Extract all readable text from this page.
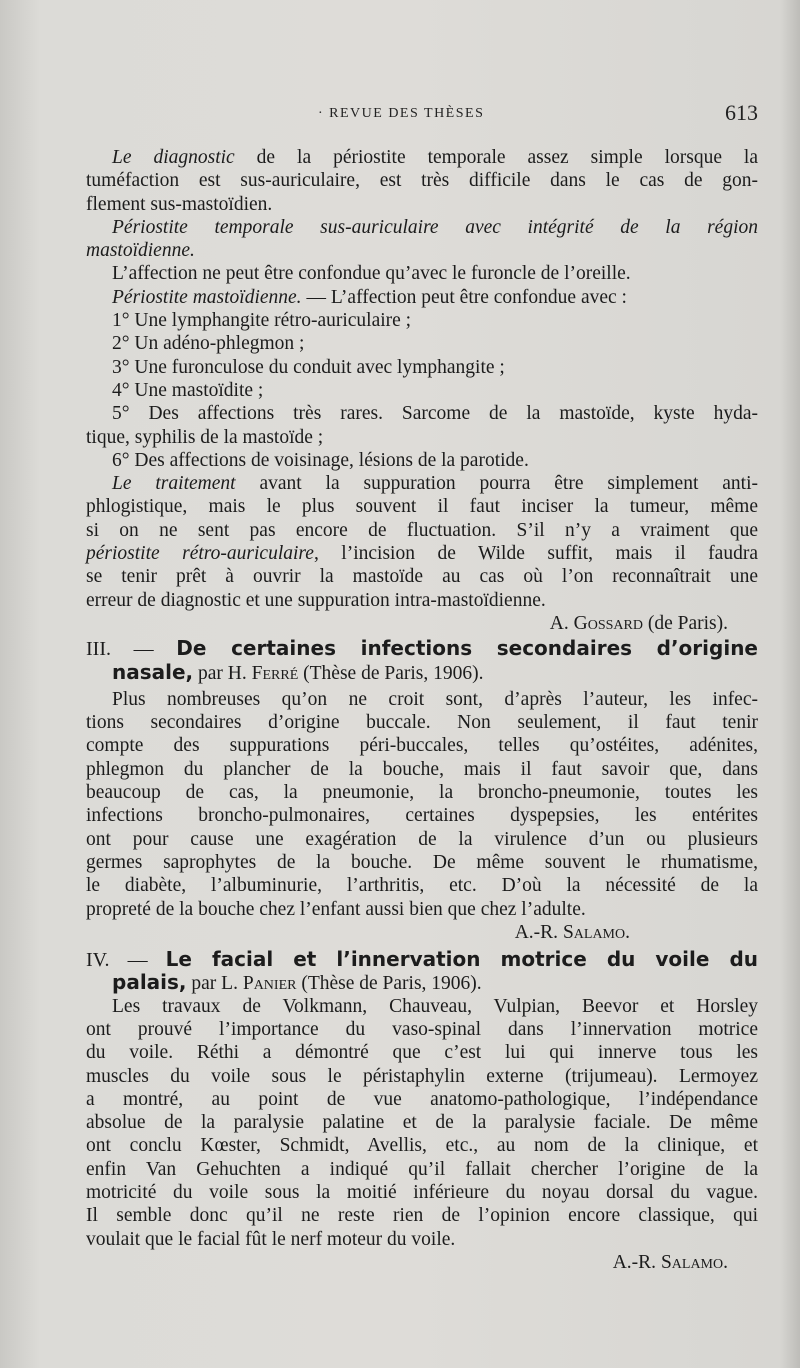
· REVUE DES THÈSES	613
Le diagnostic de la périostite temporale assez simple lorsque la
tuméfaction est sus-auriculaire, est très difficile dans le cas de gon-
flement sus-mastoïdien.
Périostite temporale sus-auriculaire avec intégrité de la région
mastoïdienne.
L’affection ne peut être confondue qu’avec le furoncle de l’oreille.
Périostite mastoïdienne. — L’affection peut être confondue avec :
1° Une lymphangite rétro-auriculaire ;
2° Un adéno-phlegmon ;
3° Une furonculose du conduit avec lymphangite ;
4° Une mastoïdite ;
5° Des affections très rares. Sarcome de la mastoïde, kyste hyda-
tique, syphilis de la mastoïde ;
6° Des affections de voisinage, lésions de la parotide.
Le traitement avant la suppuration pourra être simplement anti-
phlogistique, mais le plus souvent il faut inciser la tumeur, même
si on ne sent pas encore de fluctuation. S’il n’y a vraiment que
périostite rétro-auriculaire, l’incision de Wilde suffit, mais il faudra
se tenir prêt à ouvrir la mastoïde au cas où l’on reconnaîtrait une
erreur de diagnostic et une suppuration intra-mastoïdienne.
A. Gossard (de Paris).
III. — De certaines infections secondaires d’origine
nasale, par H. Ferré (Thèse de Paris, 1906).
Plus nombreuses qu’on ne croit sont, d’après l’auteur, les infec-
tions secondaires d’origine buccale. Non seulement, il faut tenir
compte des suppurations péri-buccales, telles qu’ostéites, adénites,
phlegmon du plancher de la bouche, mais il faut savoir que, dans
beaucoup de cas, la pneumonie, la broncho-pneumonie, toutes les
infections broncho-pulmonaires, certaines dyspepsies, les entérites
ont pour cause une exagération de la virulence d’un ou plusieurs
germes saprophytes de la bouche. De même souvent le rhumatisme,
le diabète, l’albuminurie, l’arthritis, etc. D’où la nécessité de la
propreté de la bouche chez l’enfant aussi bien que chez l’adulte.
A.-R. Salamo.
IV. — Le facial et l’innervation motrice du voile du
palais, par L. Panier (Thèse de Paris, 1906).
Les travaux de Volkmann, Chauveau, Vulpian, Beevor et Horsley
ont prouvé l’importance du vaso-spinal dans l’innervation motrice
du voile. Réthi a démontré que c’est lui qui innerve tous les
muscles du voile sous le péristaphylin externe (trijumeau). Lermoyez
a montré, au point de vue anatomo-pathologique, l’indépendance
absolue de la paralysie palatine et de la paralysie faciale. De même
ont conclu Kœster, Schmidt, Avellis, etc., au nom de la clinique, et
enfin Van Gehuchten a indiqué qu’il fallait chercher l’origine de la
motricité du voile sous la moitié inférieure du noyau dorsal du vague.
Il semble donc qu’il ne reste rien de l’opinion encore classique, qui
voulait que le facial fût le nerf moteur du voile.
A.-R. Salamo.
